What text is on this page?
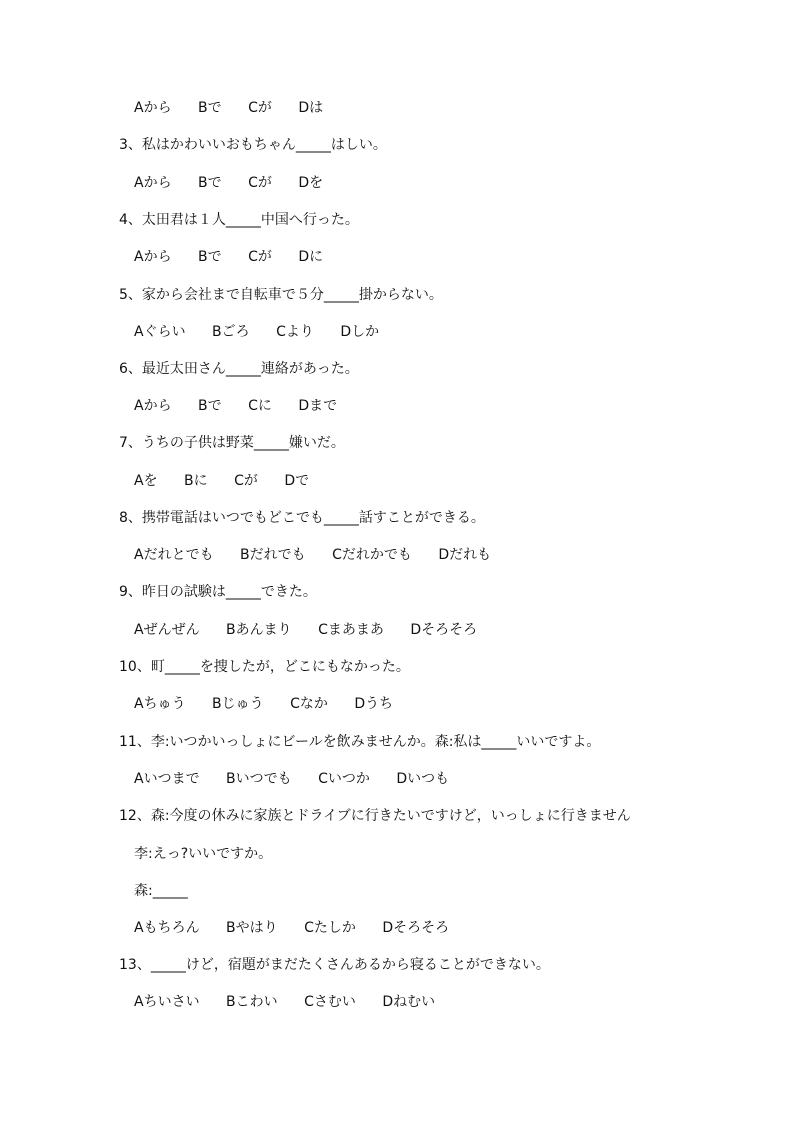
Aから Bで Cが Dは
3、私はかわいいおもちゃん_____はしい。
Aから Bで Cが Dを
4、太田君は１人_____中国へ行った。
Aから Bで Cが Dに
5、家から会社まで自転車で５分_____掛からない。
Aぐらい Bごろ Cより Dしか
6、最近太田さん_____連絡があった。
Aから Bで Cに Dまで
7、うちの子供は野菜_____嫌いだ。
Aを Bに Cが Dで
8、携帯電話はいつでもどこでも_____話すことができる。
Aだれとでも Bだれでも Cだれかでも Dだれも
9、昨日の試験は_____できた。
Aぜんぜん Bあんまり Cまあまあ Dそろそろ
10、町_____を捜したが，どこにもなかった。
Aちゅう Bじゅう Cなか Dうち
11、李:いつかいっしょにビールを飲みませんか。森:私は_____いいですよ。
Aいつまで Bいつでも Cいつか Dいつも
12、森:今度の休みに家族とドライブに行きたいですけど，いっしょに行きません
李:えっ?いいですか。
森:_____
Aもちろん Bやはり Cたしか Dそろそろ
13、_____けど，宿題がまだたくさんあるから寝ることができない。
Aちいさい Bこわい Cさむい Dねむい
